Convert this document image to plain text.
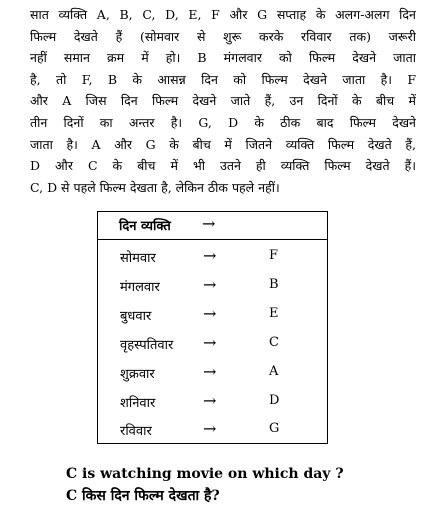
सात व्यक्ति A, B, C, D, E, F और G सप्ताह के अलग-अलग दिन
फिल्म देखते हैं (सोमवार से शुरू करके रविवार तक) जरूरी
नहीं समान क्रम में हो। B मंगलवार को फिल्म देखने जाता
है, तो F, B के आसन्न दिन को फिल्म देखने जाता है। F
और A जिस दिन फिल्म देखने जाते हैं, उन दिनों के बीच में
तीन दिनों का अन्तर है। G, D के ठीक बाद फिल्म देखने
जाता है। A और G के बीच में जितने व्यक्ति फिल्म देखते हैं,
D और C के बीच में भी उतने ही व्यक्ति फिल्म देखते हैं।
C, D से पहले फिल्म देखता है, लेकिन ठीक पहले नहीं।
दिन व्यक्ति →
सोमवार	→	F
मंगलवार	→	B
बुधवार	→	E
वृहस्पतिवार →	C
शुक्रवार	→	A
शनिवार	→	D
रविवार	→	G
C is watching movie on which day ?
C किस दिन फिल्म देखता है?
